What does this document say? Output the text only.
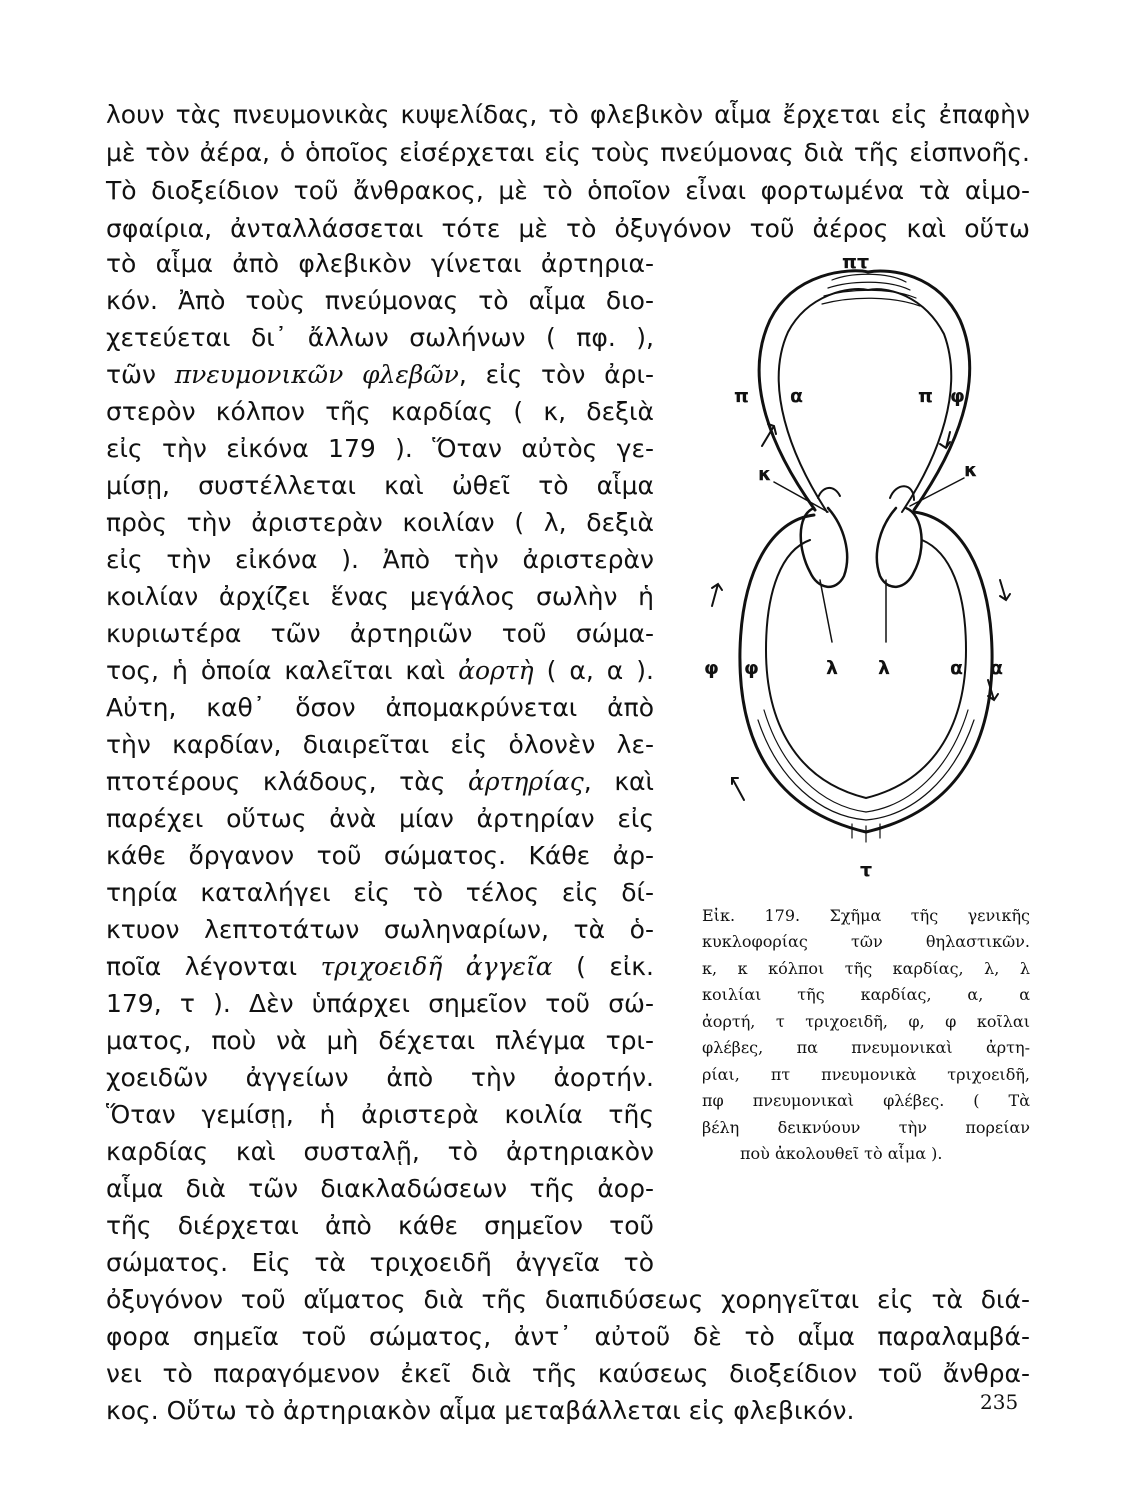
λουν τὰς πνευμονικὰς κυψελίδας, τὸ φλεβικὸν αἷμα ἔρχεται εἰς ἐπαφὴν
μὲ τὸν ἀέρα, ὁ ὁποῖος εἰσέρχεται εἰς τοὺς πνεύμονας διὰ τῆς εἰσπνοῆς.
Τὸ διοξείδιον τοῦ ἄνθρακος, μὲ τὸ ὁποῖον εἶναι φορτωμένα τὰ αἱμο-
σφαίρια, ἀνταλλάσσεται τότε μὲ τὸ ὀξυγόνον τοῦ ἀέρος καὶ οὕτω
τὸ αἷμα ἀπὸ φλεβικὸν γίνεται ἀρτηρια-
κόν. Ἀπὸ τοὺς πνεύμονας τὸ αἷμα διο-
χετεύεται δι᾽ ἄλλων σωλήνων ( πφ. ),
τῶν πνευμονικῶν φλεβῶν, εἰς τὸν ἀρι-
στερὸν κόλπον τῆς καρδίας ( κ, δεξιὰ
εἰς τὴν εἰκόνα 179 ). Ὅταν αὐτὸς γε-
μίσῃ, συστέλλεται καὶ ὠθεῖ τὸ αἷμα
πρὸς τὴν ἀριστερὰν κοιλίαν ( λ, δεξιὰ
εἰς τὴν εἰκόνα ). Ἀπὸ τὴν ἀριστερὰν
κοιλίαν ἀρχίζει ἕνας μεγάλος σωλὴν ἡ
κυριωτέρα τῶν ἀρτηριῶν τοῦ σώμα-
τος, ἡ ὁποία καλεῖται καὶ ἀορτὴ ( α, α ).
Αὐτη, καθ᾽ ὅσον ἀπομακρύνεται ἀπὸ
τὴν καρδίαν, διαιρεῖται εἰς ὁλονὲν λε-
πτοτέρους κλάδους, τὰς ἀρτηρίας, καὶ
παρέχει οὕτως ἀνὰ μίαν ἀρτηρίαν εἰς
κάθε ὄργανον τοῦ σώματος. Κάθε ἀρ-
τηρία καταλήγει εἰς τὸ τέλος εἰς δί-
κτυον λεπτοτάτων σωληναρίων, τὰ ὁ-
ποῖα λέγονται τριχοειδῆ ἀγγεῖα ( εἰκ.
179, τ ). Δὲν ὑπάρχει σημεῖον τοῦ σώ-
ματος, ποὺ νὰ μὴ δέχεται πλέγμα τρι-
χοειδῶν ἀγγείων ἀπὸ τὴν ἀορτήν.
Ὅταν γεμίσῃ, ἡ ἀριστερὰ κοιλία τῆς
καρδίας καὶ συσταλῇ, τὸ ἀρτηριακὸν
αἷμα διὰ τῶν διακλαδώσεων τῆς ἀορ-
τῆς διέρχεται ἀπὸ κάθε σημεῖον τοῦ
σώματος. Εἰς τὰ τριχοειδῆ ἀγγεῖα τὸ
ὀξυγόνον τοῦ αἵματος διὰ τῆς διαπιδύσεως χορηγεῖται εἰς τὰ διά-
φορα σημεῖα τοῦ σώματος, ἀντ᾽ αὐτοῦ δὲ τὸ αἷμα παραλαμβά-
νει τὸ παραγόμενον ἐκεῖ διὰ τῆς καύσεως διοξείδιον τοῦ ἄνθρα-
κος. Οὕτω τὸ ἀρτηριακὸν αἷμα μεταβάλλεται εἰς φλεβικόν.
πτ
π α	π φ
κ	κ
φ φ	λ λ	α α
τ
Εἰκ. 179. Σχῆμα τῆς γενικῆς
κυκλοφορίας τῶν θηλαστικῶν.
κ, κ κόλποι τῆς καρδίας, λ, λ
κοιλίαι τῆς καρδίας, α, α
ἀορτή, τ τριχοειδῆ, φ, φ κοῖλαι
φλέβες, πα πνευμονικαὶ ἀρτη-
ρίαι, πτ πνευμονικὰ τριχοειδῆ,
πφ πνευμονικαὶ φλέβες. ( Τὰ
βέλη δεικνύουν τὴν πορείαν
ποὺ ἀκολουθεῖ τὸ αἷμα ).
235
